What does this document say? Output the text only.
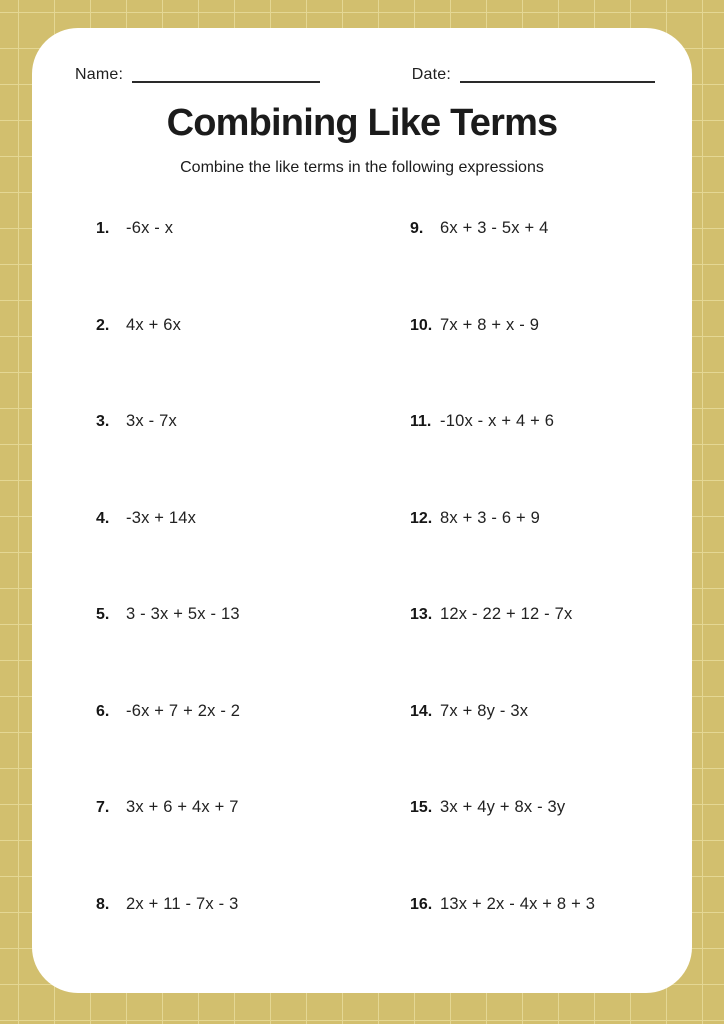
Name:	Date:
Combining Like Terms

Combine the like terms in the following expressions

1.	-6x - x
2.	4x + 6x
3.	3x - 7x
4.	-3x + 14x
5.	3 - 3x + 5x - 13
6.	-6x + 7 + 2x - 2
7.	3x + 6 + 4x + 7
8.	2x + 11 - 7x - 3
9.	6x + 3 - 5x + 4
10. 7x + 8 + x - 9
11. -10x - x + 4 + 6
12. 8x + 3 - 6 + 9
13. 12x - 22 + 12 - 7x
14. 7x + 8y - 3x
15. 3x + 4y + 8x - 3y
16. 13x + 2x - 4x + 8 + 3
